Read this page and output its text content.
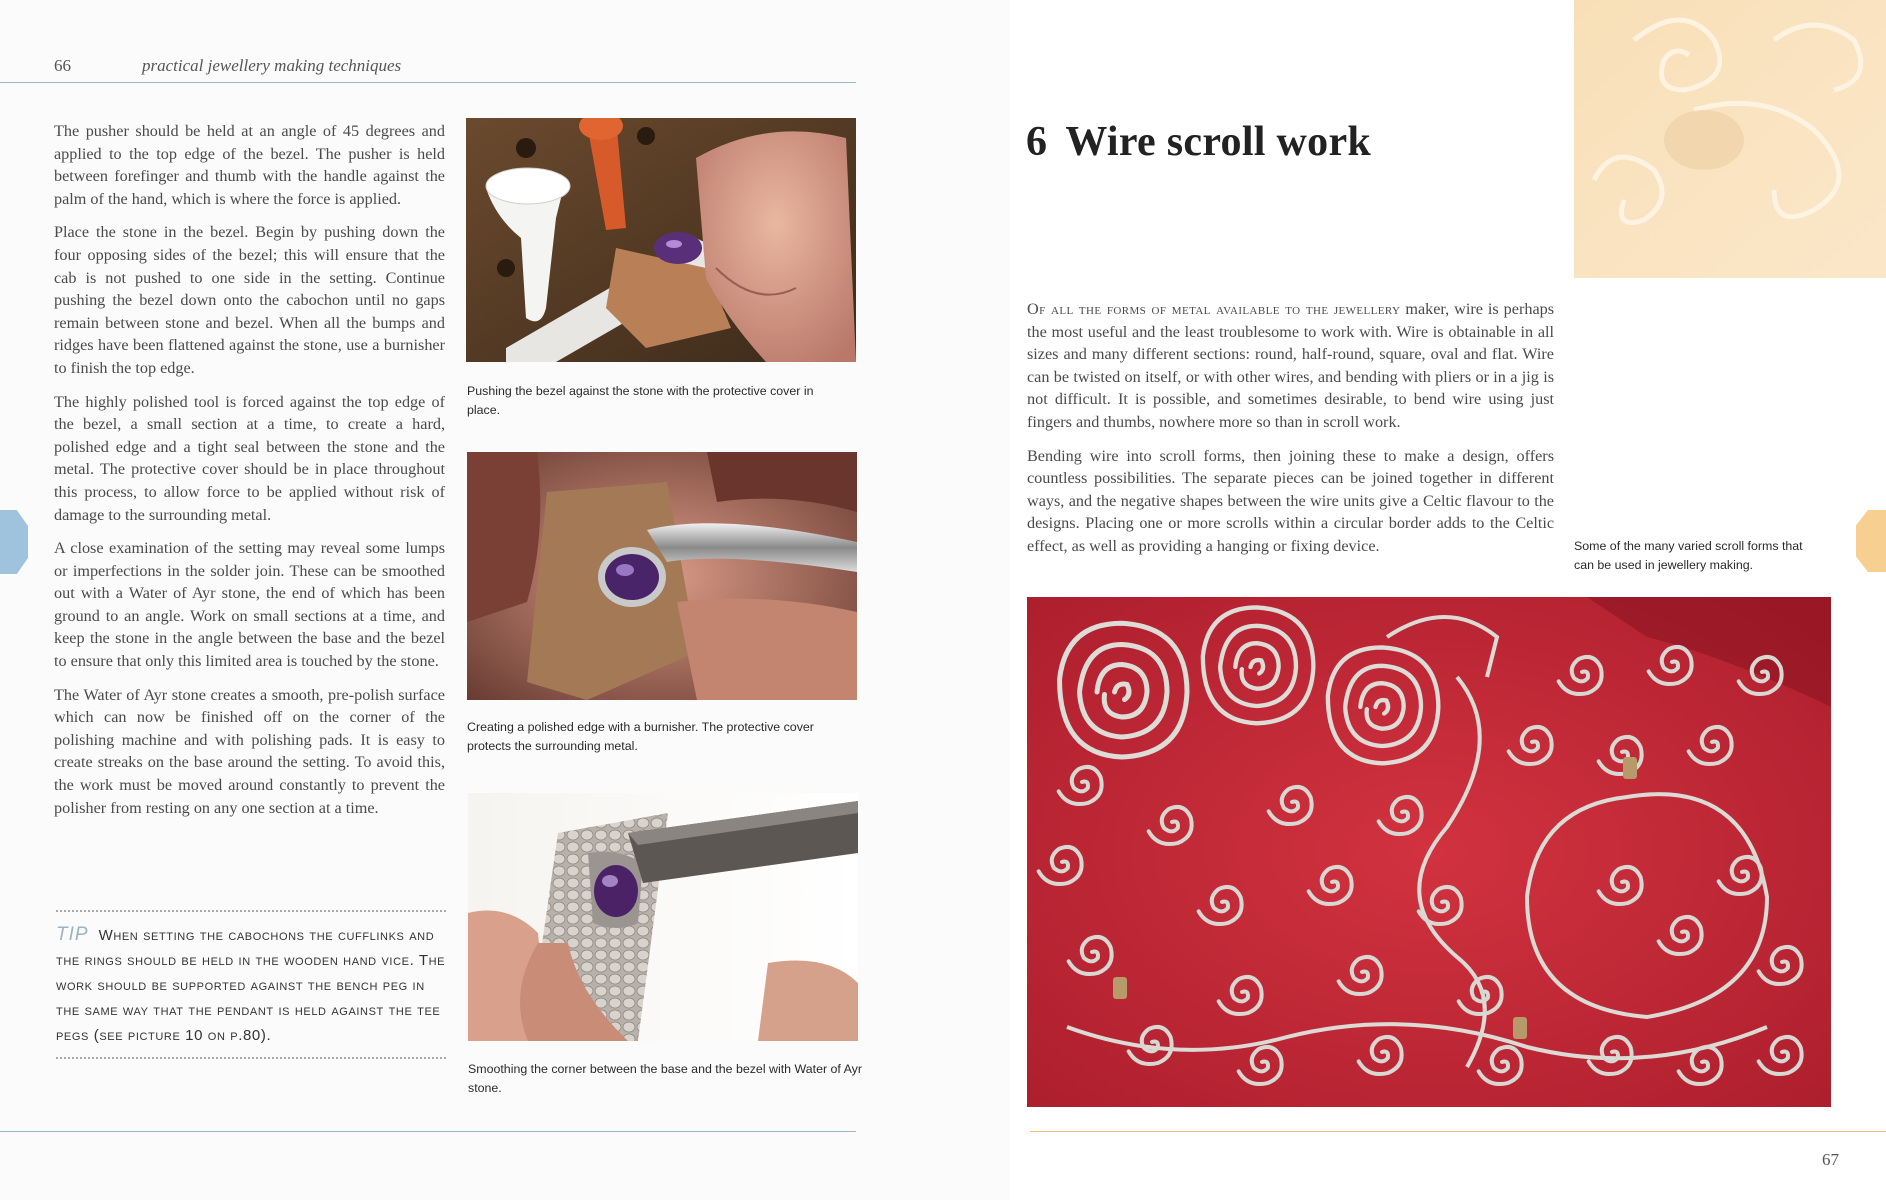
66	practical jewellery making techniques

The pusher should be held at an angle of 45 degrees and applied to the top edge of the bezel. The pusher is held between forefinger and thumb with the handle against the palm of the hand, which is where the force is applied.

Place the stone in the bezel. Begin by pushing down the four opposing sides of the bezel; this will ensure that the cab is not pushed to one side in the setting. Continue pushing the bezel down onto the cabochon until no gaps remain between stone and bezel. When all the bumps and ridges have been flattened against the stone, use a burnisher to finish the top edge.

The highly polished tool is forced against the top edge of the bezel, a small section at a time, to create a hard, polished edge and a tight seal between the stone and the metal. The protective cover should be in place throughout this process, to allow force to be applied without risk of damage to the surrounding metal.

A close examination of the setting may reveal some lumps or imperfections in the solder join. These can be smoothed out with a Water of Ayr stone, the end of which has been ground to an angle. Work on small sections at a time, and keep the stone in the angle between the base and the bezel to ensure that only this limited area is touched by the stone.

The Water of Ayr stone creates a smooth, pre-polish surface which can now be finished off on the corner of the polishing machine and with polishing pads. It is easy to create streaks on the base around the setting. To avoid this, the work must be moved around constantly to prevent the polisher from resting on any one section at a time.

TIP When setting the cabochons the cufflinks and the rings should be held in the wooden hand vice. The work should be supported against the bench peg in the same way that the pendant is held against the tee pegs (see picture 10 on p.80).
Pushing the bezel against the stone with the protective cover in place.
Creating a polished edge with a burnisher. The protective cover protects the surrounding metal.
Smoothing the corner between the base and the bezel with Water of Ayr stone.
6 Wire scroll work

Of all the forms of metal available to the jewellery maker, wire is perhaps the most useful and the least troublesome to work with. Wire is obtainable in all sizes and many different sections: round, half-round, square, oval and flat. Wire can be twisted on itself, or with other wires, and bending with pliers or in a jig is not difficult. It is possible, and sometimes desirable, to bend wire using just fingers and thumbs, nowhere more so than in scroll work.

Bending wire into scroll forms, then joining these to make a design, offers countless possibilities. The separate pieces can be joined together in different ways, and the negative shapes between the wire units give a Celtic flavour to the designs. Placing one or more scrolls within a circular border adds to the Celtic effect, as well as providing a hanging or fixing device.	Some of the many varied scroll forms that can be used in jewellery making.
67
